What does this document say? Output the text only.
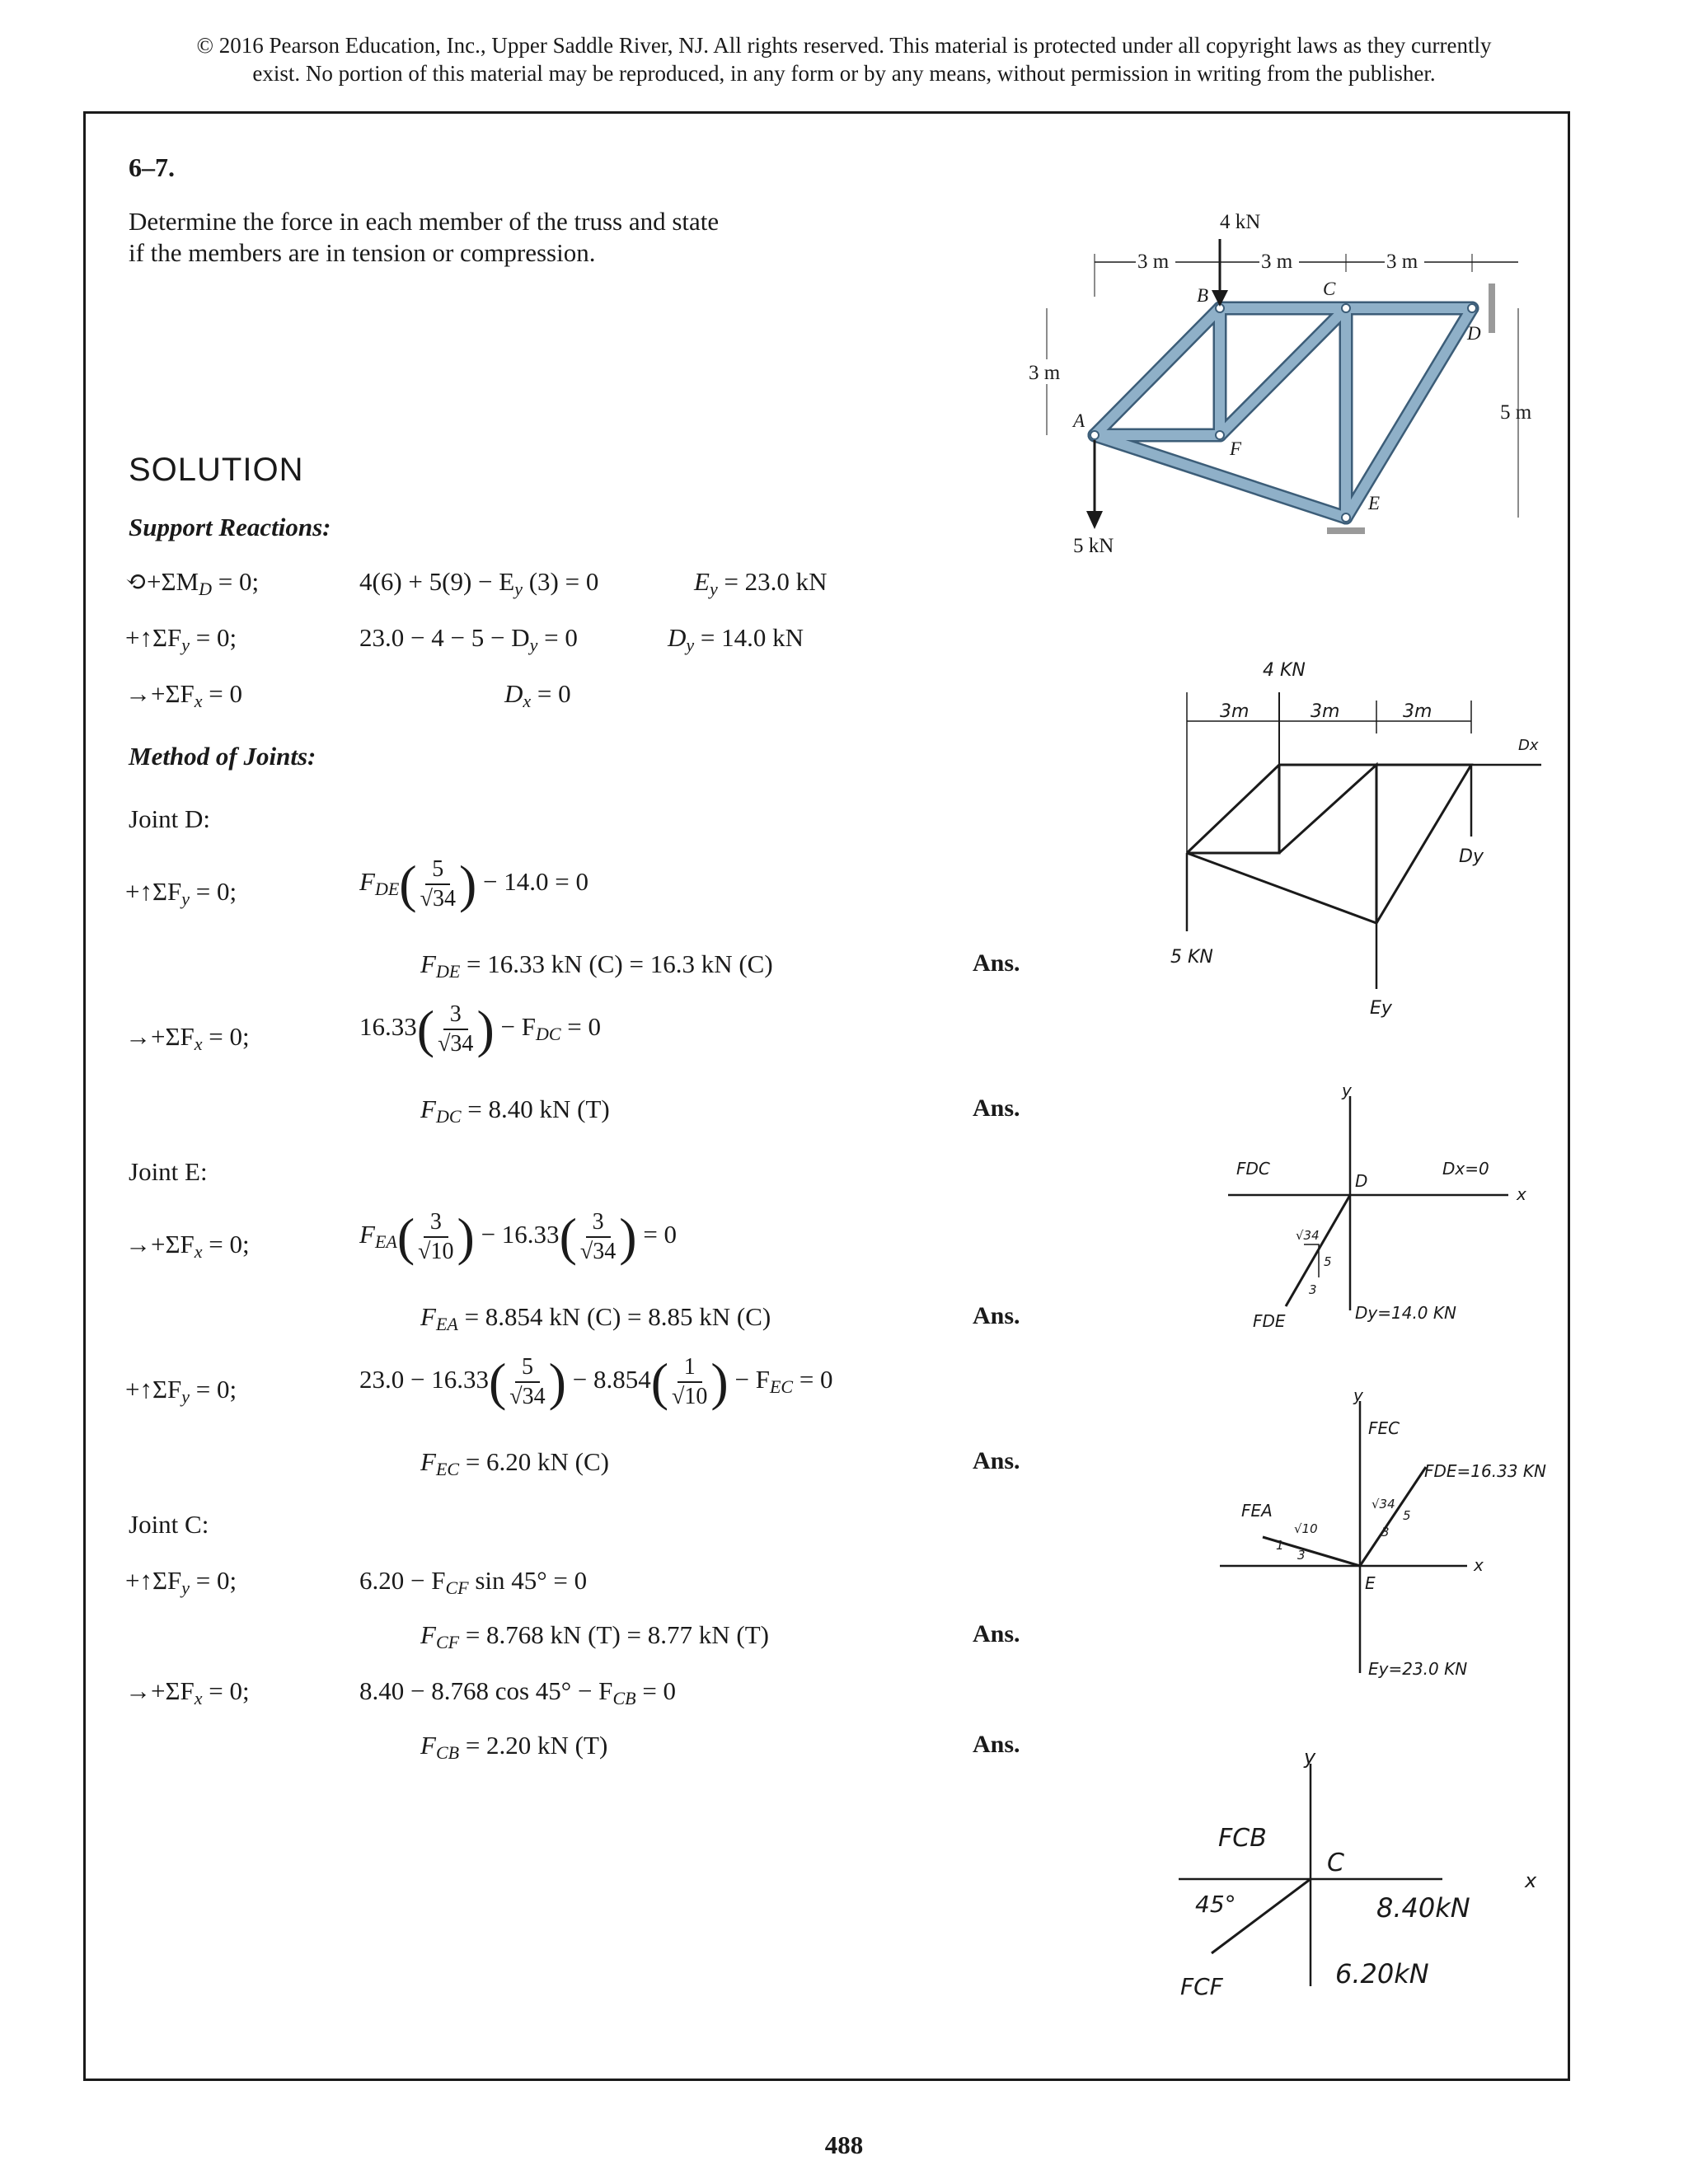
© 2016 Pearson Education, Inc., Upper Saddle River, NJ. All rights reserved. This material is protected under all copyright laws as they currently
exist. No portion of this material may be reproduced, in any form or by any means, without permission in writing from the publisher.
6–7.
Determine the force in each member of the truss and state
if the members are in tension or compression.
SOLUTION
Support Reactions:
$⟲+\Sigma M_D = 0$;	$4(6) + 5(9) - E_y$ (3) = 0	$E_y = 23.0$ kN
$+↑\Sigma F_y = 0$;	$23.0 - 4 - 5 - D_y = 0$	$D_y = 14.0$ kN
$\to+\Sigma F_x = 0$	$D_x = 0$
Method of Joints:
Joint D:
$+↑\Sigma F_y = 0$;	$F_{DE}( \frac{5}{√34}$ ) − 14.0 = 0
$F_{DE} = 16.33$ kN (C) = 16.3 kN (C)	Ans.
$\to+\Sigma F_x = 0$;	$16.33( \frac{3}{√34}$ ) − $F_{DC} = 0$
$F_{DC} = 8.40$ kN (T)	Ans.
Joint E:
$\to+\Sigma F_x = 0$;	$F_{EA}( \frac{3}{√10}$ ) − $16.33( \frac{3}{√34}$ ) = 0
$F_{EA} = 8.854$ kN (C) = 8.85 kN (C)	Ans.
$+↑\Sigma F_y = 0$;	$23.0 - 16.33( \frac{5}{√34}$ ) − $8.854( \frac{1}{√10}$ ) − $F_{EC} = 0$
$F_{EC} = 6.20$ kN (C)	Ans.
Joint C:
$+↑\Sigma F_y = 0$;	$6.20 - F_{CF}$ sin 45° = 0
$F_{CF} = 8.768$ kN (T) = 8.77 kN (T)	Ans.
$\to+\Sigma F_x = 0$;	8.40 − 8.768 $\cos 45^\circ - F_{CB} = 0$
$F_{CB} = 2.20$ kN (T)	Ans.
4 kN
3 m	3 m	3 m
3 m
5 m
5 kN
A
B	C
D
E
F
4 KN
3m	3m	3m
Dx
Dy
5 KN
Ey
y
x
FDC
D
Dx=0
FDE	Dy=14.0 KN
√34
5
3
y
x
FEC
FDE=16.33 KN
FEA
√10
1
3
√34
5
3
E
Ey=23.0 KN
y
x
FCB
C
45°	8.40kN
6.20kN
FCF
488
